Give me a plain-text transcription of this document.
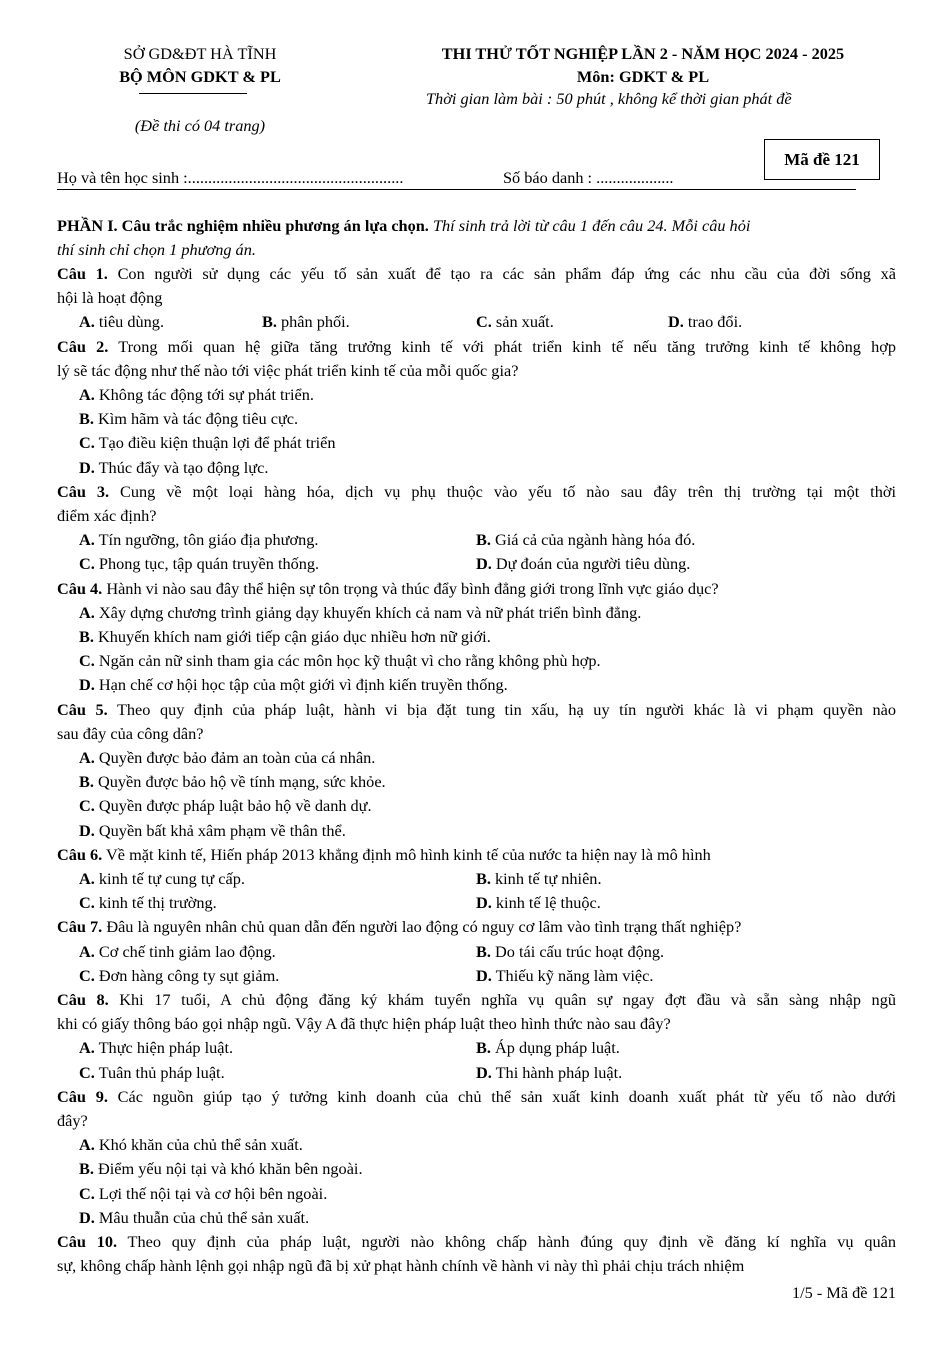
SỞ GD&ĐT HÀ TĨNH
BỘ MÔN GDKT & PL
(Đề thi có 04 trang)
THI THỬ TỐT NGHIỆP LẦN 2 - NĂM HỌC 2024 - 2025
Môn: GDKT & PL
Thời gian làm bài : 50 phút , không kể thời gian phát đề
Mã đề 121
Họ và tên học sinh :.....................................................	Số báo danh : ...................
PHẦN I. Câu trắc nghiệm nhiều phương án lựa chọn. Thí sinh trả lời từ câu 1 đến câu 24. Mỗi câu hỏi
thí sinh chỉ chọn 1 phương án.
Câu 1. Con người sử dụng các yếu tố sản xuất để tạo ra các sản phẩm đáp ứng các nhu cầu của đời sống xã
hội là hoạt động
A. tiêu dùng.	B. phân phối.	C. sản xuất.	D. trao đổi.
Câu 2. Trong mối quan hệ giữa tăng trưởng kinh tế với phát triển kinh tế nếu tăng trưởng kinh tế không hợp
lý sẽ tác động như thế nào tới việc phát triển kinh tế của mỗi quốc gia?
A. Không tác động tới sự phát triển.
B. Kìm hãm và tác động tiêu cực.
C. Tạo điều kiện thuận lợi để phát triển
D. Thúc đẩy và tạo động lực.
Câu 3. Cung về một loại hàng hóa, dịch vụ phụ thuộc vào yếu tố nào sau đây trên thị trường tại một thời
điểm xác định?
A. Tín ngưỡng, tôn giáo địa phương.	B. Giá cả của ngành hàng hóa đó.
C. Phong tục, tập quán truyền thống.	D. Dự đoán của người tiêu dùng.
Câu 4. Hành vi nào sau đây thể hiện sự tôn trọng và thúc đẩy bình đẳng giới trong lĩnh vực giáo dục?
A. Xây dựng chương trình giảng dạy khuyến khích cả nam và nữ phát triển bình đẳng.
B. Khuyến khích nam giới tiếp cận giáo dục nhiều hơn nữ giới.
C. Ngăn cản nữ sinh tham gia các môn học kỹ thuật vì cho rằng không phù hợp.
D. Hạn chế cơ hội học tập của một giới vì định kiến truyền thống.
Câu 5. Theo quy định của pháp luật, hành vi bịa đặt tung tin xấu, hạ uy tín người khác là vi phạm quyền nào
sau đây của công dân?
A. Quyền được bảo đảm an toàn của cá nhân.
B. Quyền được bảo hộ về tính mạng, sức khỏe.
C. Quyền được pháp luật bảo hộ về danh dự.
D. Quyền bất khả xâm phạm về thân thể.
Câu 6. Về mặt kinh tế, Hiến pháp 2013 khẳng định mô hình kinh tế của nước ta hiện nay là mô hình
A. kinh tế tự cung tự cấp.	B. kinh tế tự nhiên.
C. kinh tế thị trường.	D. kinh tế lệ thuộc.
Câu 7. Đâu là nguyên nhân chủ quan dẫn đến người lao động có nguy cơ lâm vào tình trạng thất nghiệp?
A. Cơ chế tinh giảm lao động.	B. Do tái cấu trúc hoạt động.
C. Đơn hàng công ty sụt giảm.	D. Thiếu kỹ năng làm việc.
Câu 8. Khi 17 tuổi, A chủ động đăng ký khám tuyển nghĩa vụ quân sự ngay đợt đầu và sẵn sàng nhập ngũ
khi có giấy thông báo gọi nhập ngũ. Vậy A đã thực hiện pháp luật theo hình thức nào sau đây?
A. Thực hiện pháp luật.	B. Áp dụng pháp luật.
C. Tuân thủ pháp luật.	D. Thi hành pháp luật.
Câu 9. Các nguồn giúp tạo ý tưởng kinh doanh của chủ thể sản xuất kinh doanh xuất phát từ yếu tố nào dưới
đây?
A. Khó khăn của chủ thể sản xuất.
B. Điểm yếu nội tại và khó khăn bên ngoài.
C. Lợi thế nội tại và cơ hội bên ngoài.
D. Mâu thuẫn của chủ thể sản xuất.
Câu 10. Theo quy định của pháp luật, người nào không chấp hành đúng quy định về đăng kí nghĩa vụ quân
sự, không chấp hành lệnh gọi nhập ngũ đã bị xử phạt hành chính về hành vi này thì phải chịu trách nhiệm
1/5 - Mã đề 121
